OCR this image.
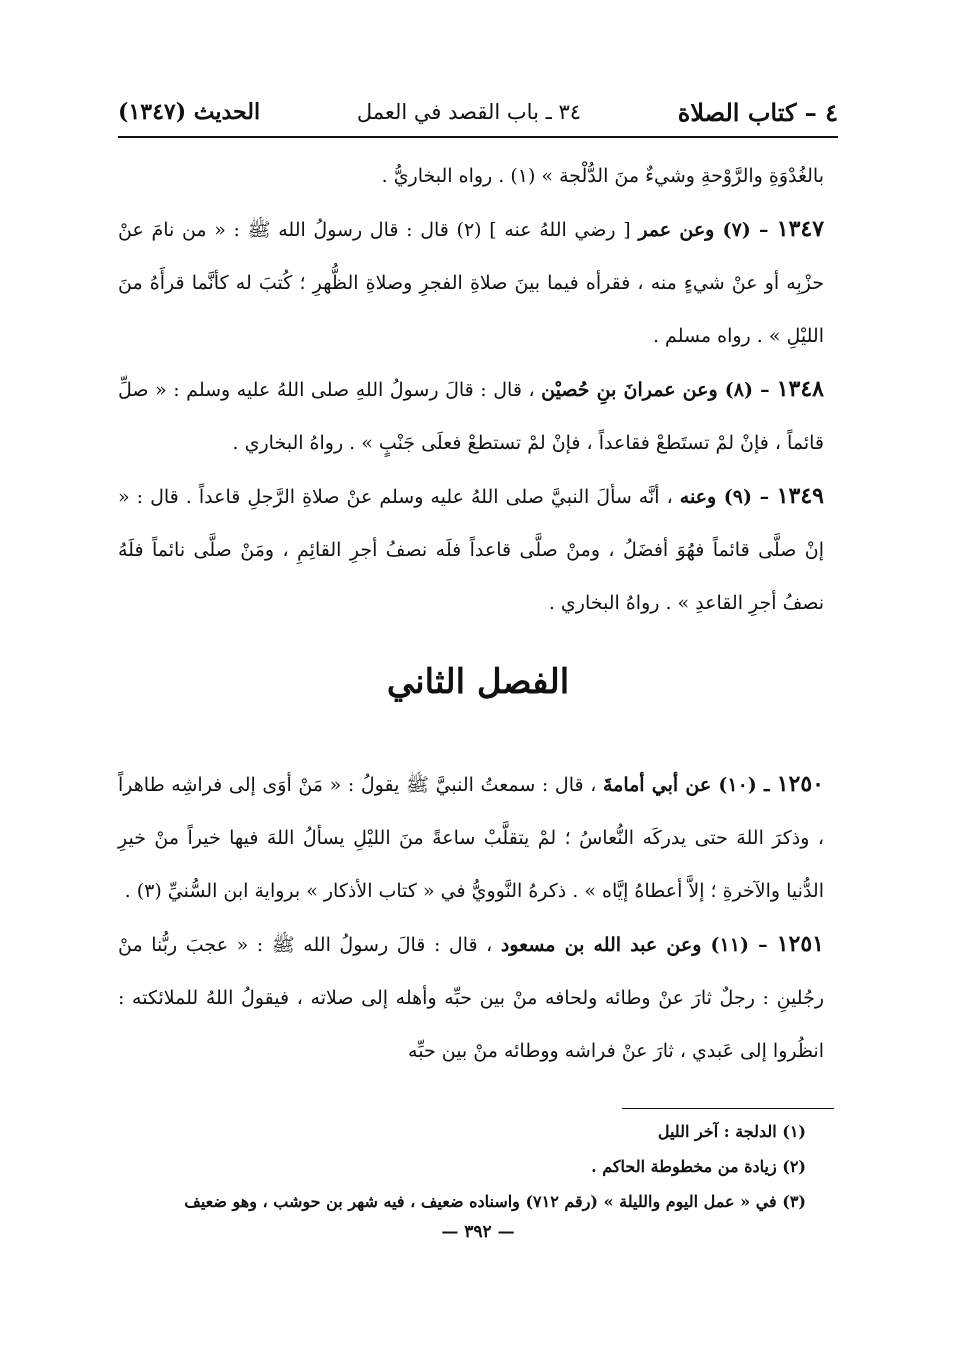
٤ – كتاب الصلاة
٣٤ ـ باب القصد في العمل
الحديث (١٣٤٧)

بالغُدْوَةِ والرَّوْحةِ وشيءٌ منَ الدُّلْجة » (١) . رواه البخاريُّ .

١٣٤٧ – (٧) وعن عمر [ رضي اللهُ عنه ] (٢) قال : قال رسولُ الله ﷺ : « من نامَ عنْ حزْبِه أو عنْ شيءٍ منه ، فقرأه فيما بينَ صلاةِ الفجرِ وصلاةِ الظُّهرِ ؛ كُتبَ له كأنَّما قرأَهُ منَ الليْلِ » . رواه مسلم .

١٣٤٨ – (٨) وعن عمرانَ بنِ حُصيْن ، قال : قالَ رسولُ اللهِ صلى اللهُ عليه وسلم : « صلِّ قائماً ، فإنْ لمْ تستَطعْ فقاعداً ، فإنْ لمْ تستطعْ فعلَى جَنْبٍ » . رواهُ البخاري .

١٣٤٩ – (٩) وعنه ، أنَّه سألَ النبيَّ صلى اللهُ عليه وسلم عنْ صلاةِ الرَّجلِ قاعداً . قال : « إنْ صلَّى قائماً فهُوَ أفضَلُ ، ومنْ صلَّى قاعداً فلَه نصفُ أجرِ القائِمِ ، ومَنْ صلَّى نائماً فلَهُ نصفُ أجرِ القاعدِ » . رواهُ البخاري .

الفصل الثاني

١٢٥٠ ـ (١٠) عن أبي أمامةَ ، قال : سمعتُ النبيَّ ﷺ يقولُ : « مَنْ أوَى إلى فراشِه طاهراً ، وذكرَ اللهَ حتى يدركَه النُّعاسُ ؛ لمْ يتقلَّبْ ساعةً منَ الليْلِ يسألُ اللهَ فيها خيراً منْ خيرِ الدُّنيا والآخرةِ ؛ إلاَّ أعطاهُ إيَّاه » . ذكرهُ النَّوويُّ في « كتاب الأذكار » برواية ابن السُّنيِّ (٣) .

١٢٥١ – (١١) وعن عبد الله بن مسعود ، قال : قالَ رسولُ الله ﷺ : « عجبَ ربُّنا منْ رجُلينِ : رجلٌ ثارَ عنْ وطائه ولحافه منْ بين حبِّه وأهله إلى صلاته ، فيقولُ اللهُ للملائكته : انظُروا إلى عَبدي ، ثارَ عنْ فراشه ووطائه منْ بين حبِّه

(١) الدلجة : آخر الليل
(٢) زيادة من مخطوطة الحاكم .
(٣) في « عمل اليوم والليلة » (رقم ٧١٢) واسناده ضعيف ، فيه شهر بن حوشب ، وهو ضعيف
— ٣٩٢ —
